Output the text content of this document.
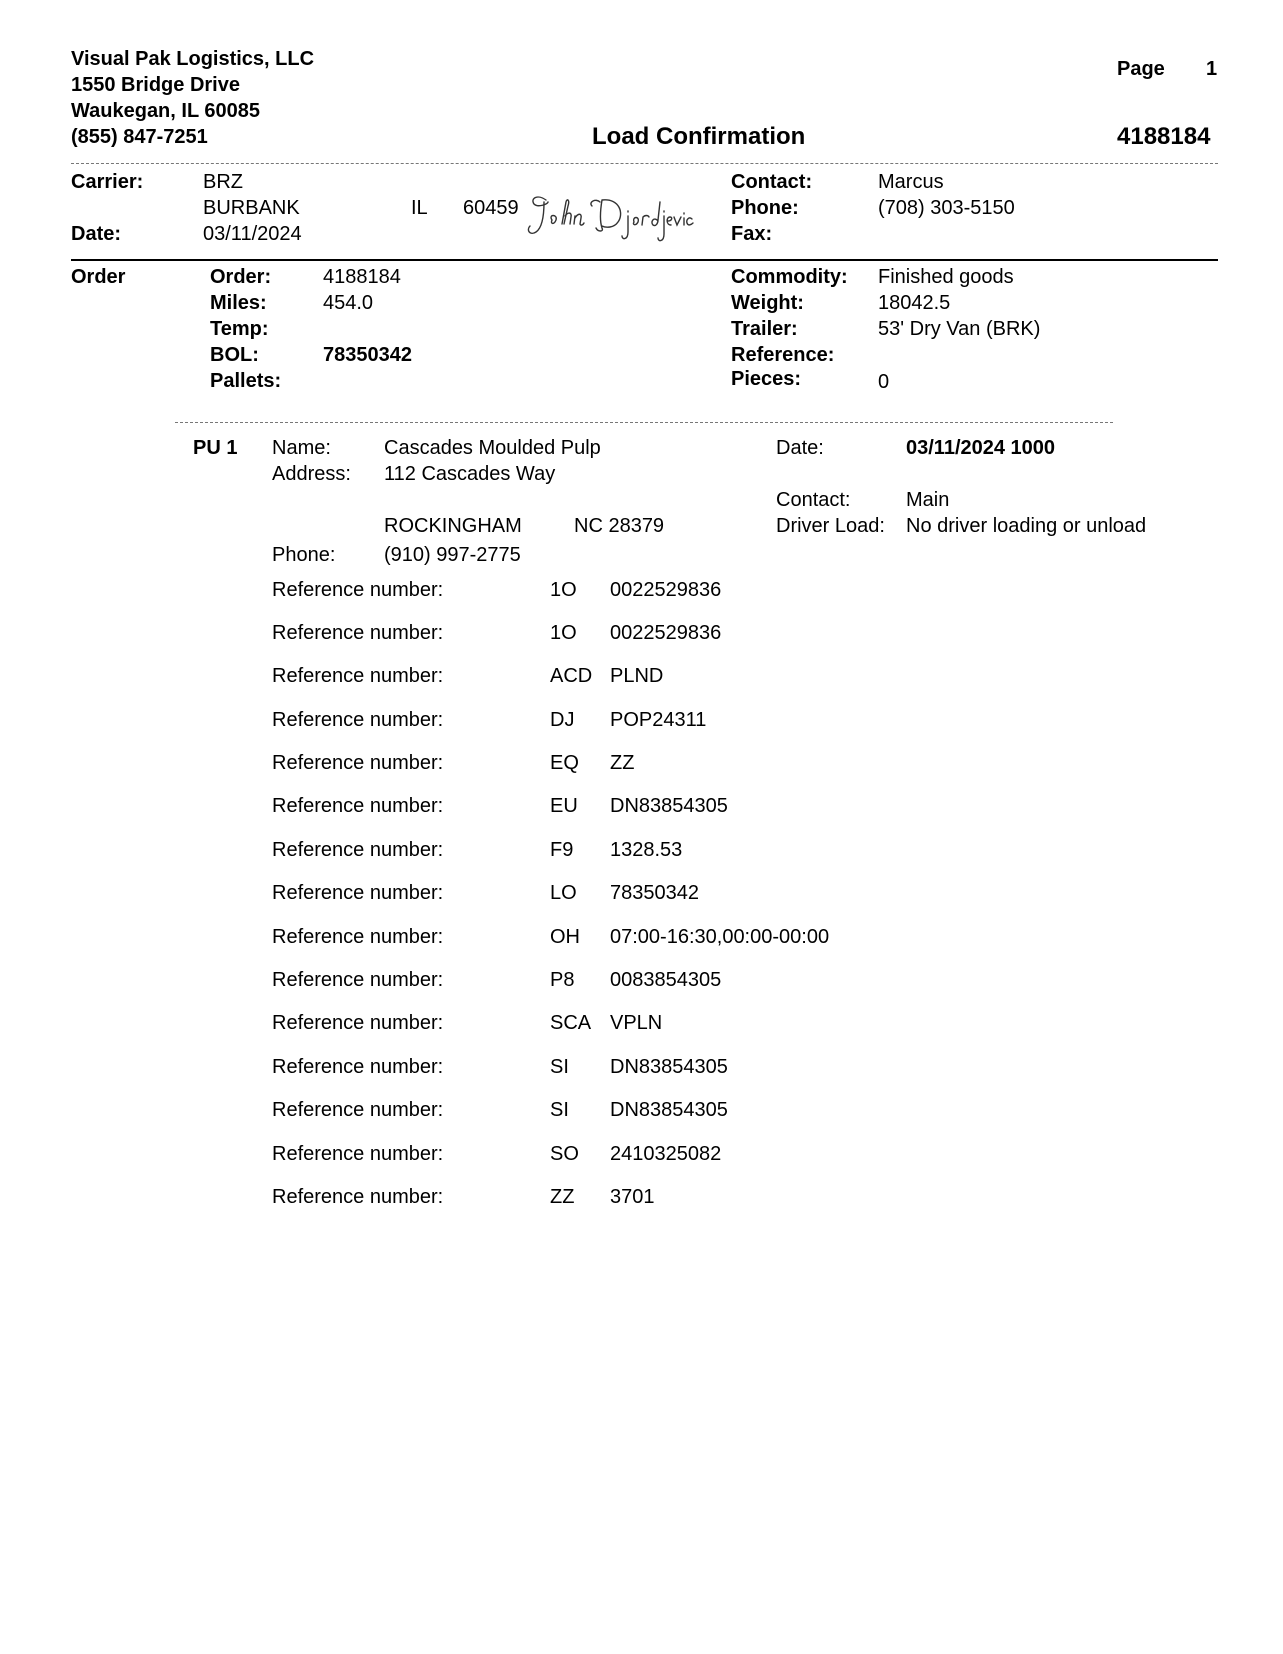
Visual Pak Logistics, LLC
1550 Bridge Drive
Waukegan, IL 60085
(855) 847-7251
Page 1
Load Confirmation	4188184
Carrier:	BRZ
BURBANK	IL 60459
Date:	03/11/2024
Contact:	Marcus
Phone:	(708) 303-5150
Fax:
Order	Order:	4188184
Miles:	454.0
Temp:
BOL:	78350342
Pallets:
Commodity: Finished goods
Weight:	18042.5
Trailer:	53' Dry Van (BRK)
Reference:
Pieces:	0
PU 1 Name:	Cascades Moulded Pulp
Address: 112 Cascades Way
ROCKINGHAM	NC 28379
Phone: (910) 997-2775
Date:	03/11/2024 1000
Contact:	Main
Driver Load: No driver loading or unload
Reference number:	1O 0022529836
Reference number:	1O 0022529836
Reference number:	ACD PLND
Reference number:	DJ POP24311
Reference number:	EQ ZZ
Reference number:	EU DN83854305
Reference number:	F9 1328.53
Reference number:	LO 78350342
Reference number:	OH 07:00-16:30,00:00-00:00
Reference number:	P8 0083854305
Reference number:	SCA VPLN
Reference number:	SI DN83854305
Reference number:	SI DN83854305
Reference number:	SO 2410325082
Reference number:	ZZ 3701
